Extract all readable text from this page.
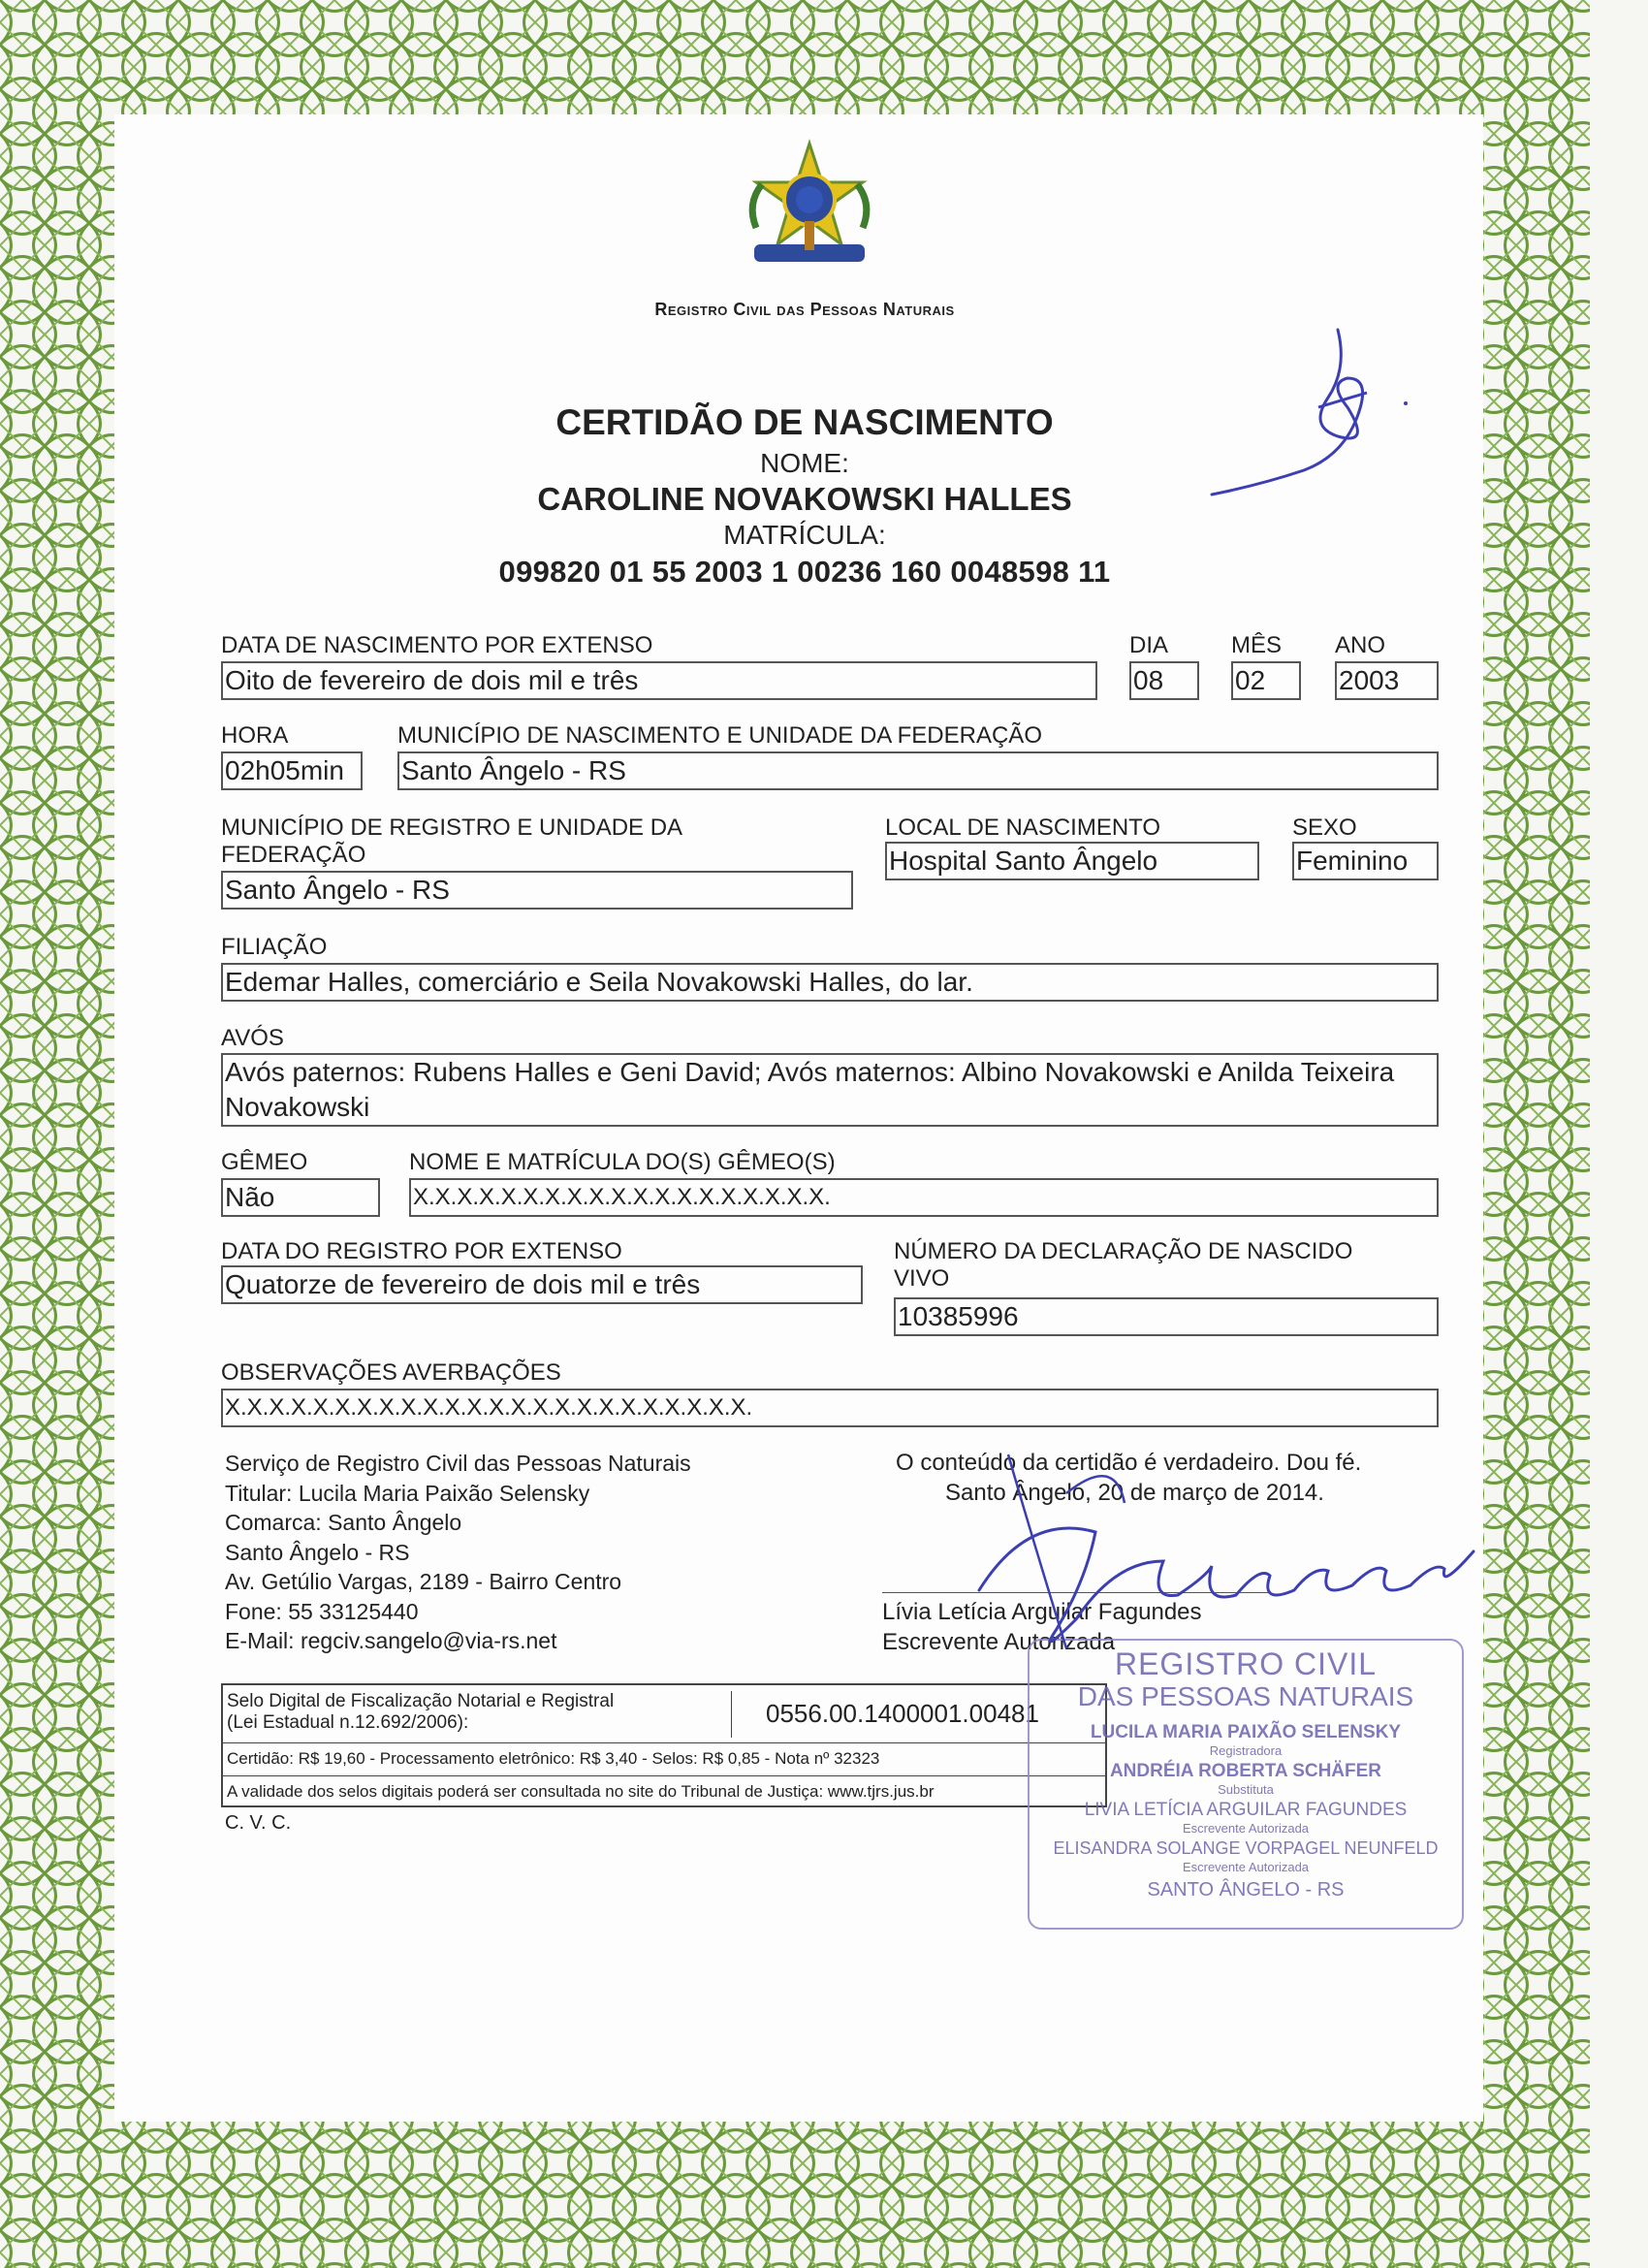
Registro Civil das Pessoas Naturais
CERTIDÃO DE NASCIMENTO
NOME:
CAROLINE NOVAKOWSKI HALLES
MATRÍCULA:
099820 01 55 2003 1 00236 160 0048598 11
DATA DE NASCIMENTO POR EXTENSO
Oito de fevereiro de dois mil e três
DIA
08
MÊS
02
ANO
2003
HORA
02h05min
MUNICÍPIO DE NASCIMENTO E UNIDADE DA FEDERAÇÃO
Santo Ângelo - RS
MUNICÍPIO DE REGISTRO E UNIDADE DA FEDERAÇÃO
Santo Ângelo - RS
LOCAL DE NASCIMENTO
Hospital Santo Ângelo
SEXO
Feminino
FILIAÇÃO
Edemar Halles, comerciário e Seila Novakowski Halles, do lar.
AVÓS
Avós paternos: Rubens Halles e Geni David; Avós maternos: Albino Novakowski e Anilda Teixeira Novakowski
GÊMEO
Não
NOME E MATRÍCULA DO(S) GÊMEO(S)
X.X.X.X.X.X.X.X.X.X.X.X.X.X.X.X.X.X.X.
DATA DO REGISTRO POR EXTENSO
Quatorze de fevereiro de dois mil e três
NÚMERO DA DECLARAÇÃO DE NASCIDO VIVO
10385996
OBSERVAÇÕES AVERBAÇÕES
X.X.X.X.X.X.X.X.X.X.X.X.X.X.X.X.X.X.X.X.X.X.X.X.
Serviço de Registro Civil das Pessoas Naturais
Titular: Lucila Maria Paixão Selensky
Comarca: Santo Ângelo
Santo Ângelo - RS
Av. Getúlio Vargas, 2189 - Bairro Centro
Fone: 55 33125440
E-Mail: regciv.sangelo@via-rs.net
O conteúdo da certidão é verdadeiro. Dou fé.
Santo Ângelo, 20 de março de 2014.
Lívia Letícia Arguilar Fagundes
Escrevente Autorizada
Selo Digital de Fiscalização Notarial e Registral
(Lei Estadual n.12.692/2006):	0556.00.1400001.00481
Certidão: R$ 19,60 - Processamento eletrônico: R$ 3,40 - Selos: R$ 0,85 - Nota nº 32323
A validade dos selos digitais poderá ser consultada no site do Tribunal de Justiça: www.tjrs.jus.br
C. V. C.
REGISTRO CIVIL
DAS PESSOAS NATURAIS
LUCILA MARIA PAIXÃO SELENSKY
Registradora
ANDRÉIA ROBERTA SCHÄFER
Substituta
LIVIA LETÍCIA ARGUILAR FAGUNDES
Escrevente Autorizada
ELISANDRA SOLANGE VORPAGEL NEUNFELD
Escrevente Autorizada
SANTO ÂNGELO - RS
